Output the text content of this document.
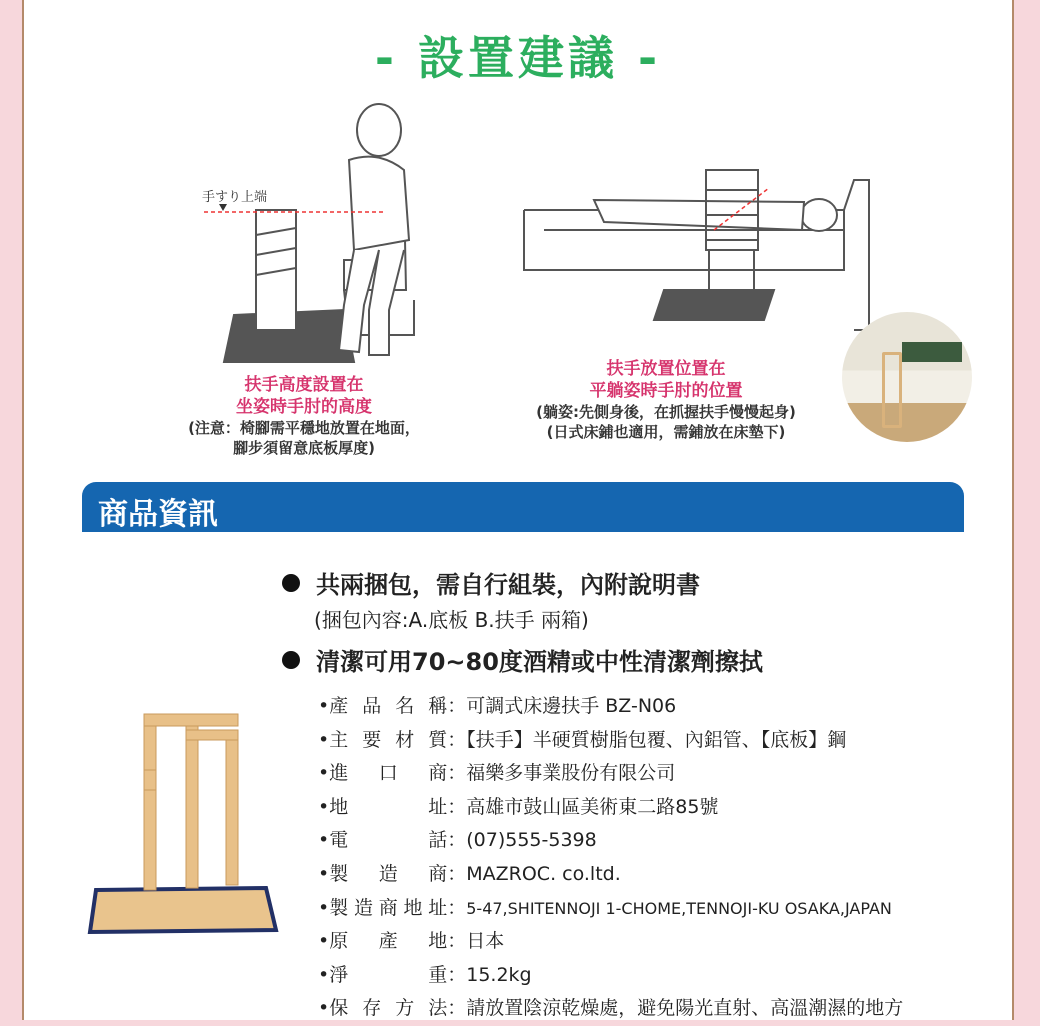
- 設置建議 -
手すり上端
扶手高度設置在
坐姿時手肘的高度
(注意：椅腳需平穩地放置在地面，
腳步須留意底板厚度)
扶手放置位置在
平躺姿時手肘的位置
(躺姿:先側身後，在抓握扶手慢慢起身)
(日式床鋪也適用，需鋪放在床墊下)
商品資訊
共兩捆包，需自行組裝，內附說明書
(捆包內容:A.底板 B.扶手 兩箱)
清潔可用70~80度酒精或中性清潔劑擦拭
•產品名稱：可調式床邊扶手 BZ-N06
•主要材質：【扶手】半硬質樹脂包覆、內鋁管、【底板】鋼
•進口商：福樂多事業股份有限公司
•地址：高雄市鼓山區美術東二路85號
•電話：(07)555-5398
•製造商：MAZROC. co.ltd.
•製造商地址：5-47,SHITENNOJI 1-CHOME,TENNOJI-KU OSAKA,JAPAN
•原產地：日本
•淨重：15.2kg
•保存方法：請放置陰涼乾燥處，避免陽光直射、高溫潮濕的地方
